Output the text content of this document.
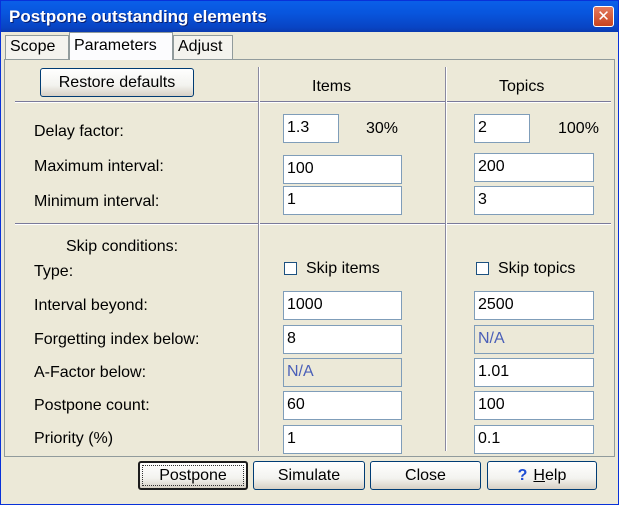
Postpone outstanding elements	✕
Scope	Parameters	Adjust
Restore defaults	Items	Topics
Delay factor:	1.3	30%	2	100%
Maximum interval:	100	200
Minimum interval:	1	3
Skip conditions:
Type:	Skip items	Skip topics
Interval beyond:	1000	2500
Forgetting index below:	8	N/A
A-Factor below:	N/A	1.01
Postpone count:	60	100
Priority (%)	1	0.1
Postpone	Simulate	Close	? Help
